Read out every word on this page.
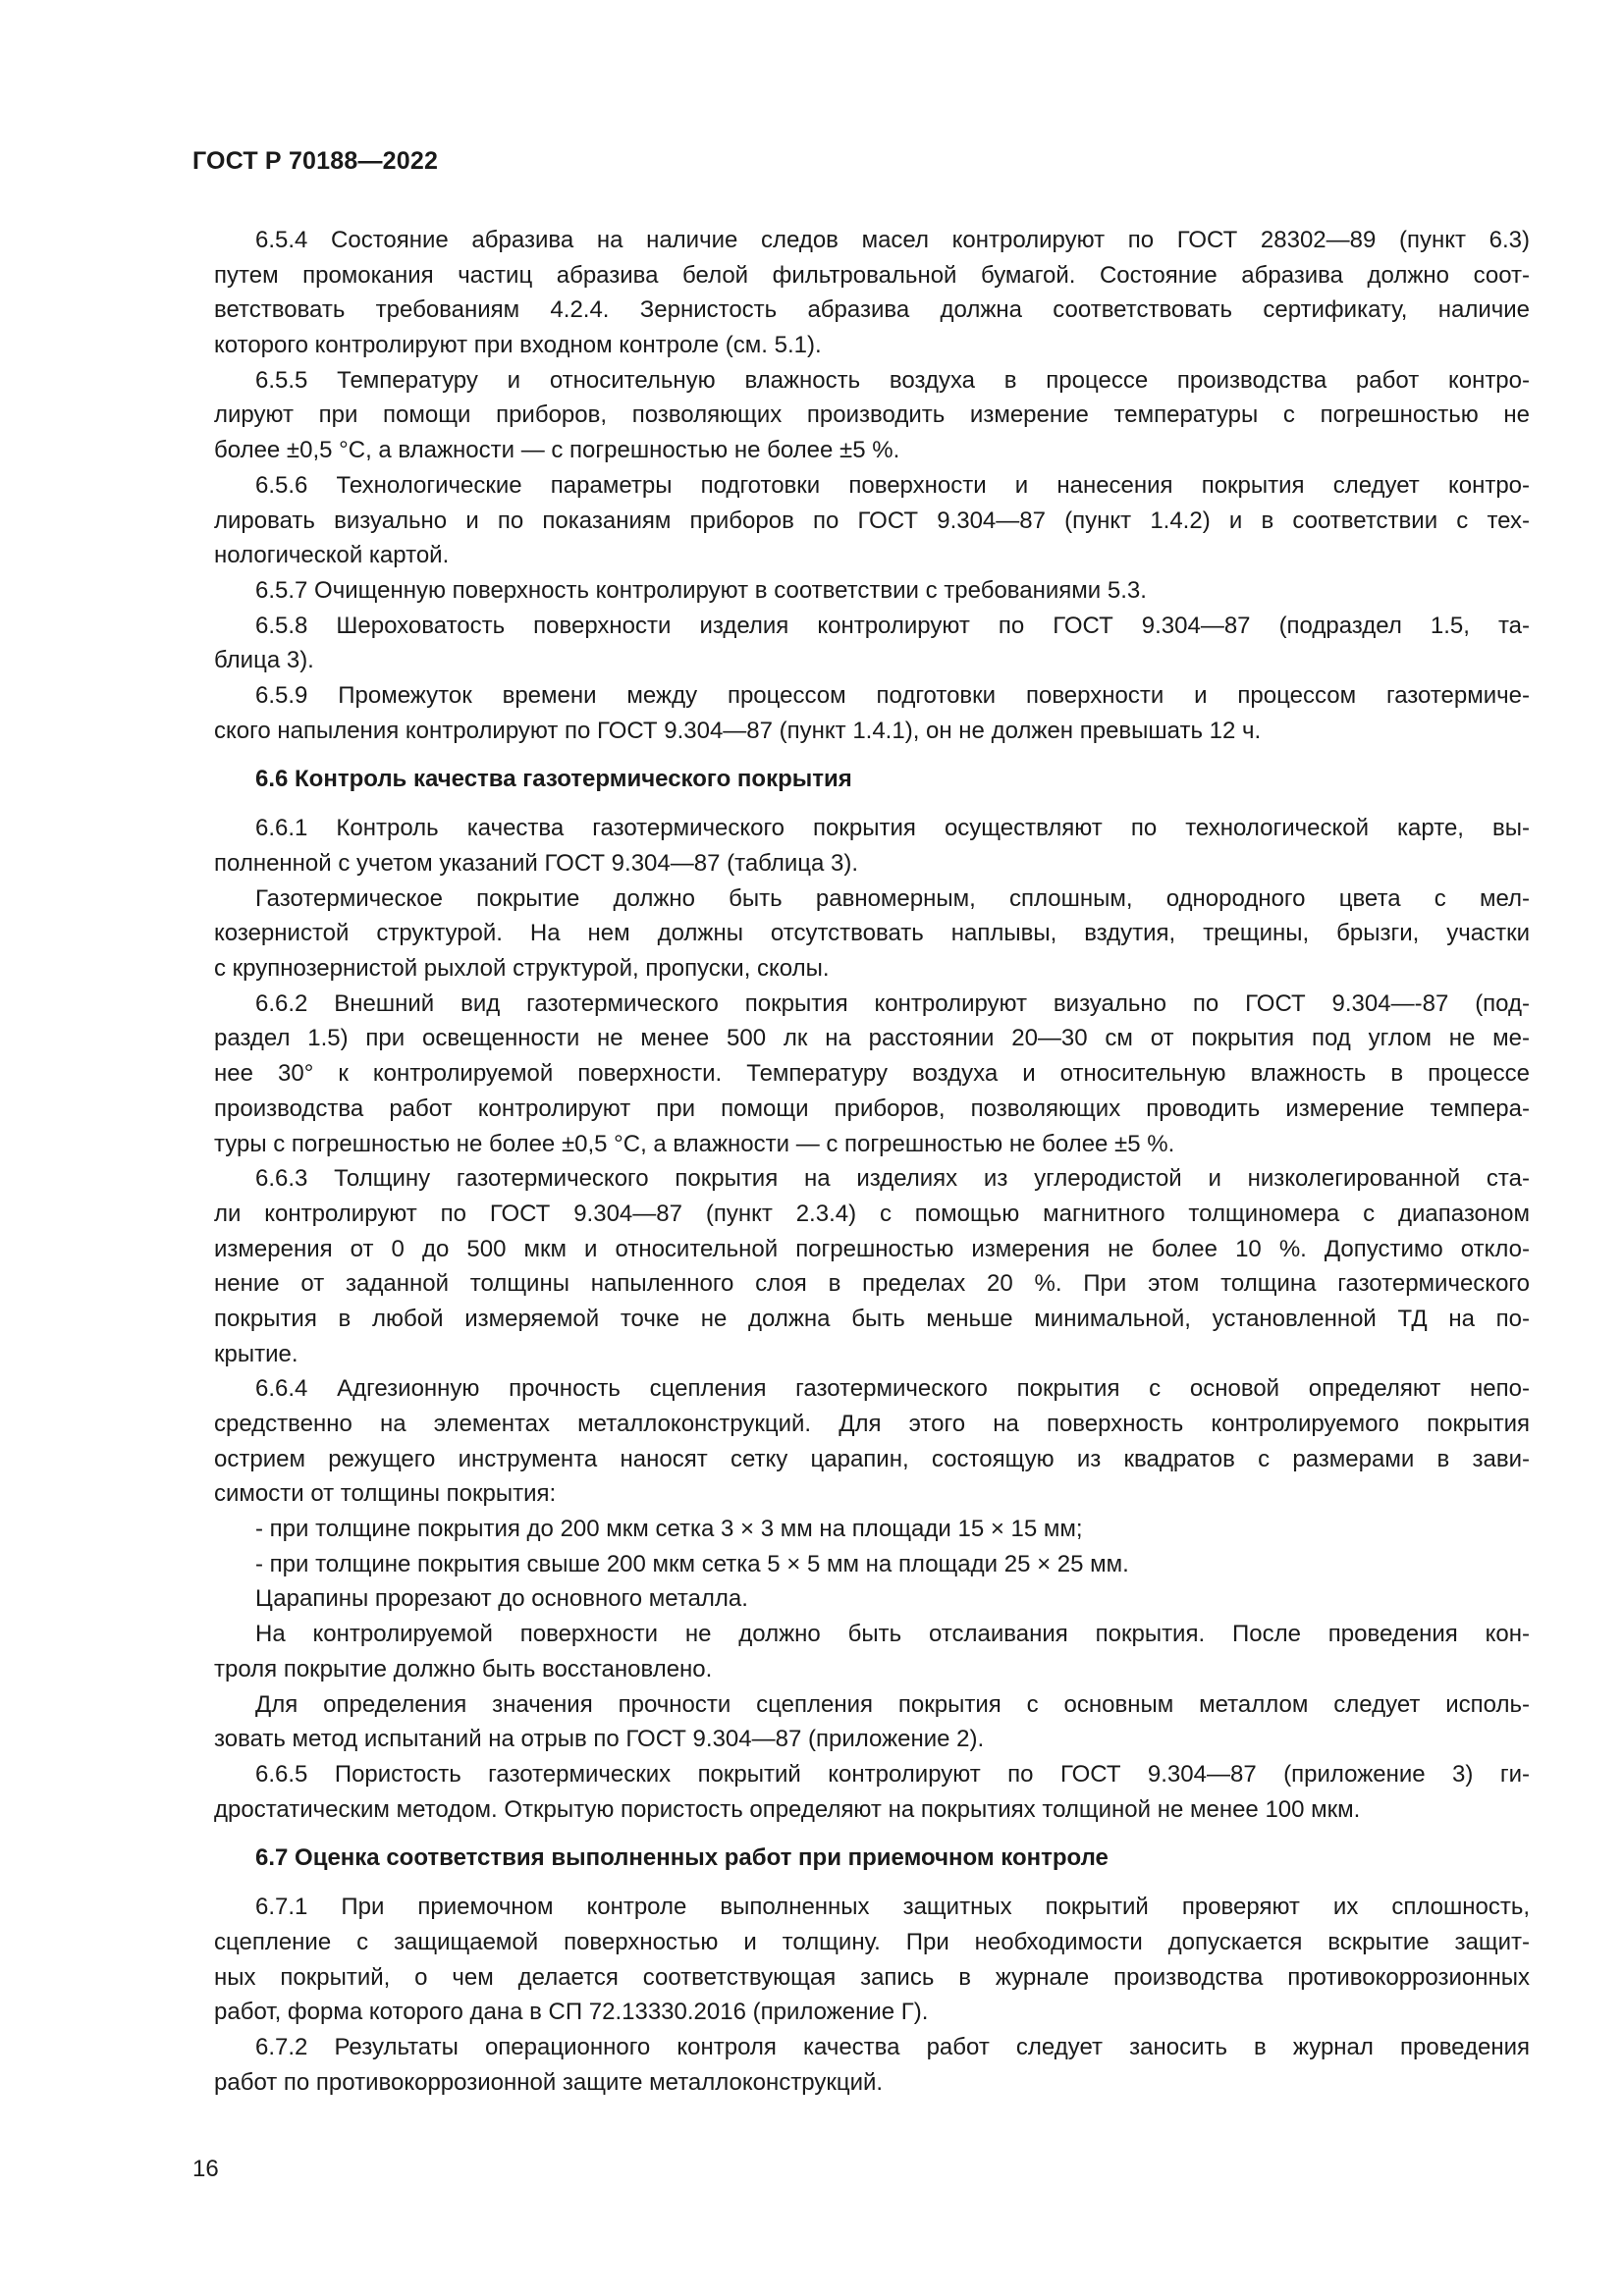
ГОСТ Р 70188—2022
6.5.4 Состояние абразива на наличие следов масел контролируют по ГОСТ 28302—89 (пункт 6.3)
путем промокания частиц абразива белой фильтровальной бумагой. Состояние абразива должно соот-
ветствовать требованиям 4.2.4. Зернистость абразива должна соответствовать сертификату, наличие
которого контролируют при входном контроле (см. 5.1).
6.5.5 Температуру и относительную влажность воздуха в процессе производства работ контро-
лируют при помощи приборов, позволяющих производить измерение температуры с погрешностью не
более ±0,5 °С, а влажности — с погрешностью не более ±5 %.
6.5.6 Технологические параметры подготовки поверхности и нанесения покрытия следует контро-
лировать визуально и по показаниям приборов по ГОСТ 9.304—87 (пункт 1.4.2) и в соответствии с тех-
нологической картой.
6.5.7 Очищенную поверхность контролируют в соответствии с требованиями 5.3.
6.5.8 Шероховатость поверхности изделия контролируют по ГОСТ 9.304—87 (подраздел 1.5, та-
блица 3).
6.5.9 Промежуток времени между процессом подготовки поверхности и процессом газотермиче-
ского напыления контролируют по ГОСТ 9.304—87 (пункт 1.4.1), он не должен превышать 12 ч.
6.6 Контроль качества газотермического покрытия
6.6.1 Контроль качества газотермического покрытия осуществляют по технологической карте, вы-
полненной с учетом указаний ГОСТ 9.304—87 (таблица 3).
Газотермическое покрытие должно быть равномерным, сплошным, однородного цвета с мел-
козернистой структурой. На нем должны отсутствовать наплывы, вздутия, трещины, брызги, участки
с крупнозернистой рыхлой структурой, пропуски, сколы.
6.6.2 Внешний вид газотермического покрытия контролируют визуально по ГОСТ 9.304—-87 (под-
раздел 1.5) при освещенности не менее 500 лк на расстоянии 20—30 см от покрытия под углом не ме-
нее 30° к контролируемой поверхности. Температуру воздуха и относительную влажность в процессе
производства работ контролируют при помощи приборов, позволяющих проводить измерение темпера-
туры с погрешностью не более ±0,5 °С, а влажности — с погрешностью не более ±5 %.
6.6.3 Толщину газотермического покрытия на изделиях из углеродистой и низколегированной ста-
ли контролируют по ГОСТ 9.304—87 (пункт 2.3.4) с помощью магнитного толщиномера с диапазоном
измерения от 0 до 500 мкм и относительной погрешностью измерения не более 10 %. Допустимо откло-
нение от заданной толщины напыленного слоя в пределах 20 %. При этом толщина газотермического
покрытия в любой измеряемой точке не должна быть меньше минимальной, установленной ТД на по-
крытие.
6.6.4 Адгезионную прочность сцепления газотермического покрытия с основой определяют непо-
средственно на элементах металлоконструкций. Для этого на поверхность контролируемого покрытия
острием режущего инструмента наносят сетку царапин, состоящую из квадратов с размерами в зави-
симости от толщины покрытия:
- при толщине покрытия до 200 мкм сетка 3 × 3 мм на площади 15 × 15 мм;
- при толщине покрытия свыше 200 мкм сетка 5 × 5 мм на площади 25 × 25 мм.
Царапины прорезают до основного металла.
На контролируемой поверхности не должно быть отслаивания покрытия. После проведения кон-
троля покрытие должно быть восстановлено.
Для определения значения прочности сцепления покрытия с основным металлом следует исполь-
зовать метод испытаний на отрыв по ГОСТ 9.304—87 (приложение 2).
6.6.5 Пористость газотермических покрытий контролируют по ГОСТ 9.304—87 (приложение 3) ги-
дростатическим методом. Открытую пористость определяют на покрытиях толщиной не менее 100 мкм.
6.7 Оценка соответствия выполненных работ при приемочном контроле
6.7.1 При приемочном контроле выполненных защитных покрытий проверяют их сплошность,
сцепление с защищаемой поверхностью и толщину. При необходимости допускается вскрытие защит-
ных покрытий, о чем делается соответствующая запись в журнале производства противокоррозионных
работ, форма которого дана в СП 72.13330.2016 (приложение Г).
6.7.2 Результаты операционного контроля качества работ следует заносить в журнал проведения
работ по противокоррозионной защите металлоконструкций.
16
